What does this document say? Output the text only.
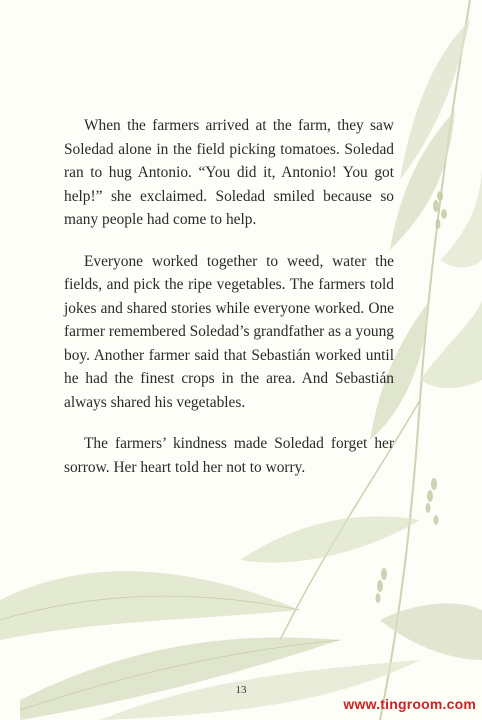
When the farmers arrived at the farm, they saw Soledad alone in the field picking tomatoes. Soledad ran to hug Antonio. “You did it, Antonio! You got help!” she exclaimed. Soledad smiled because so many people had come to help.

Everyone worked together to weed, water the fields, and pick the ripe vegetables. The farmers told jokes and shared stories while everyone worked. One farmer remembered Soledad’s grandfather as a young boy. Another farmer said that Sebastián worked until he had the finest crops in the area. And Sebastián always shared his vegetables.

The farmers’ kindness made Soledad forget her sorrow. Her heart told her not to worry.

13
www.tingroom.com
